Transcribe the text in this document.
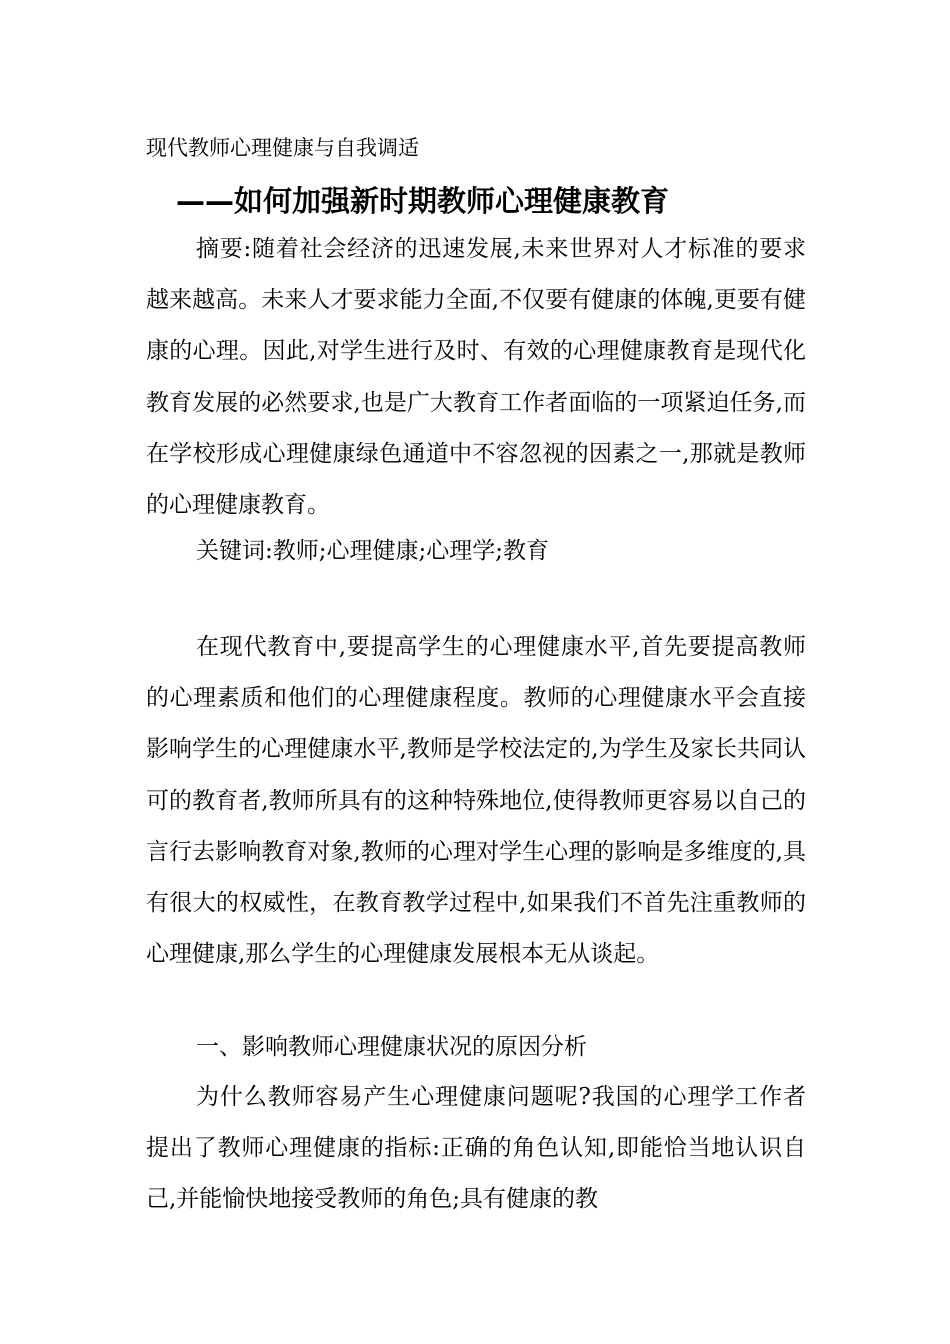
现代教师心理健康与自我调适
——如何加强新时期教师心理健康教育

摘要:随着社会经济的迅速发展,未来世界对人才标准的要求越来越高。未来人才要求能力全面,不仅要有健康的体魄,更要有健康的心理。因此,对学生进行及时、有效的心理健康教育是现代化教育发展的必然要求,也是广大教育工作者面临的一项紧迫任务,而在学校形成心理健康绿色通道中不容忽视的因素之一,那就是教师的心理健康教育。

关键词:教师;心理健康;心理学;教育

在现代教育中,要提高学生的心理健康水平,首先要提高教师的心理素质和他们的心理健康程度。教师的心理健康水平会直接影响学生的心理健康水平,教师是学校法定的,为学生及家长共同认可的教育者,教师所具有的这种特殊地位,使得教师更容易以自己的言行去影响教育对象,教师的心理对学生心理的影响是多维度的,具有很大的权威性，在教育教学过程中,如果我们不首先注重教师的心理健康,那么学生的心理健康发展根本无从谈起。

一、影响教师心理健康状况的原因分析

为什么教师容易产生心理健康问题呢?我国的心理学工作者提出了教师心理健康的指标:正确的角色认知,即能恰当地认识自己,并能愉快地接受教师的角色;具有健康的教
